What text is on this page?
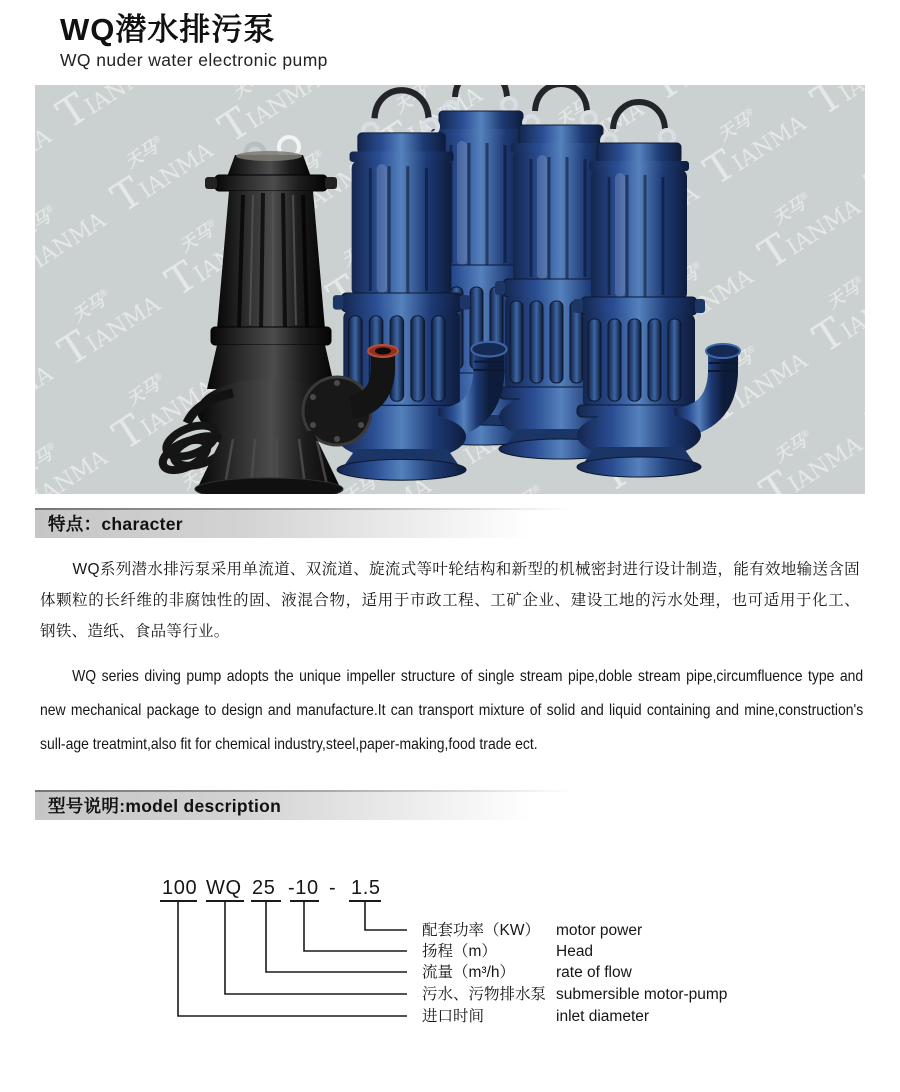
WQ潜水排污泵
WQ nuder water electronic pump
特点：character

WQ系列潜水排污泵采用单流道、双流道、旋流式等叶轮结构和新型的机械密封进行设计制造，能有效地输送含固体颗粒的长纤维的非腐蚀性的固、液混合物，适用于市政工程、工矿企业、建设工地的污水处理，也可适用于化工、钢铁、造纸、食品等行业。

WQ series diving pump adopts the unique impeller structure of single stream pipe,doble stream pipe,circumfluence type and new mechanical package to design and manufacture.It can transport mixture of solid and liquid containing and mine,construction's sull-age treatmint,also fit for chemical industry,steel,paper-making,food trade ect.

型号说明:model description
100 WQ 25 -10 - 1.5
配套功率（KW） motor power
扬程（m）	Head
流量（m³/h）	rate of flow
污水、污物排水泵 submersible motor-pump
进口时间	inlet diameter
